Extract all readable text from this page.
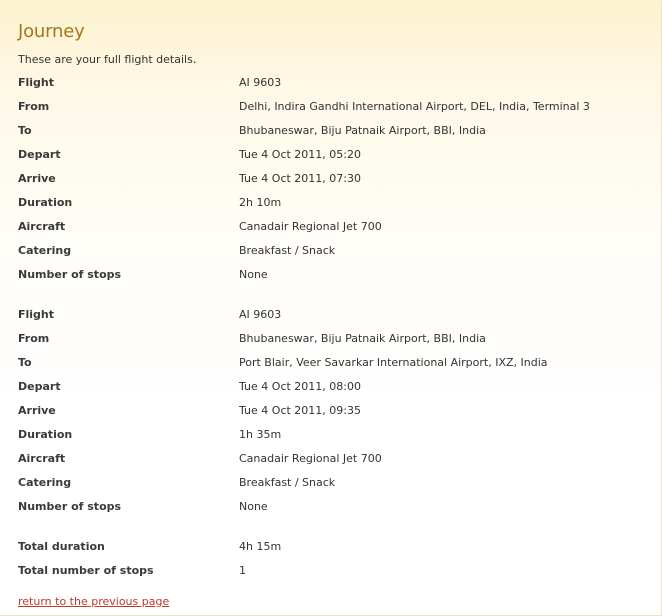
Journey
These are your full flight details.
Flight	AI 9603
From	Delhi, Indira Gandhi International Airport, DEL, India, Terminal 3
To	Bhubaneswar, Biju Patnaik Airport, BBI, India
Depart	Tue 4 Oct 2011, 05:20
Arrive	Tue 4 Oct 2011, 07:30
Duration	2h 10m
Aircraft	Canadair Regional Jet 700
Catering	Breakfast / Snack
Number of stops	None
Flight	AI 9603
From	Bhubaneswar, Biju Patnaik Airport, BBI, India
To	Port Blair, Veer Savarkar International Airport, IXZ, India
Depart	Tue 4 Oct 2011, 08:00
Arrive	Tue 4 Oct 2011, 09:35
Duration	1h 35m
Aircraft	Canadair Regional Jet 700
Catering	Breakfast / Snack
Number of stops	None
Total duration	4h 15m
Total number of stops	1
return to the previous page
